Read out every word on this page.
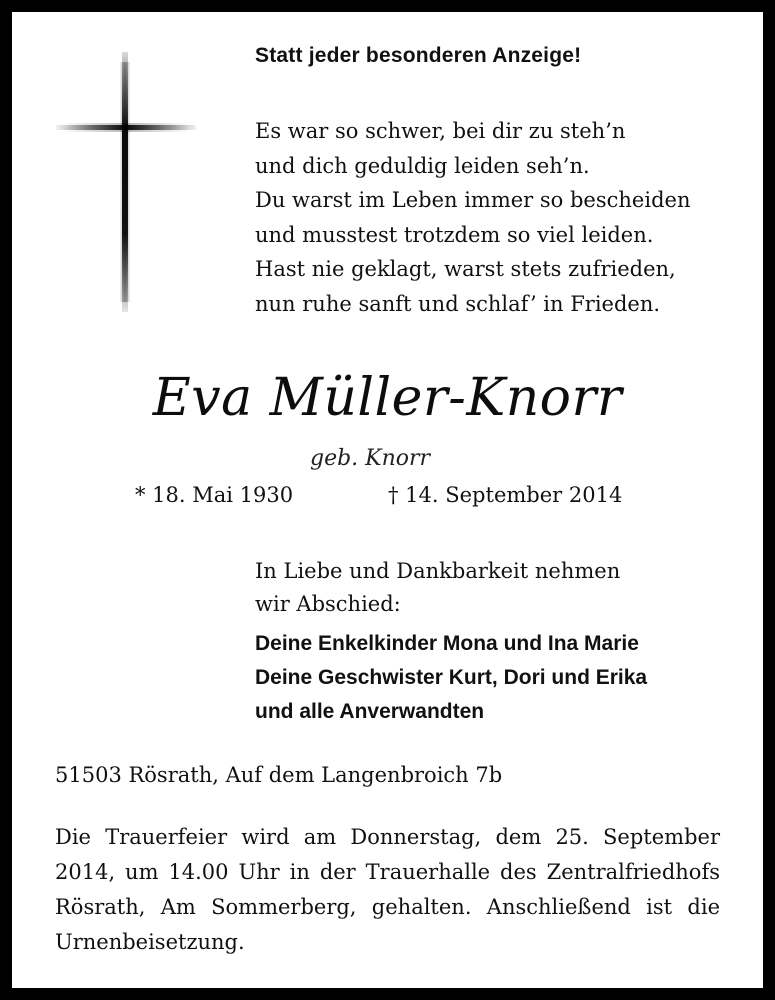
Statt jeder besonderen Anzeige!
Es war so schwer, bei dir zu steh’n
und dich geduldig leiden seh’n.
Du warst im Leben immer so bescheiden
und musstest trotzdem so viel leiden.
Hast nie geklagt, warst stets zufrieden,
nun ruhe sanft und schlaf’ in Frieden.
Eva Müller-Knorr
geb. Knorr
* 18. Mai 1930	† 14. September 2014
In Liebe und Dankbarkeit nehmen
wir Abschied:
Deine Enkelkinder Mona und Ina Marie
Deine Geschwister Kurt, Dori und Erika
und alle Anverwandten
51503 Rösrath, Auf dem Langenbroich 7b
Die Trauerfeier wird am Donnerstag, dem 25. September 2014, um 14.00 Uhr in der Trauerhalle des Zentralfriedhofs Rösrath, Am Sommerberg, gehalten. Anschließend ist die Urnenbeisetzung.
